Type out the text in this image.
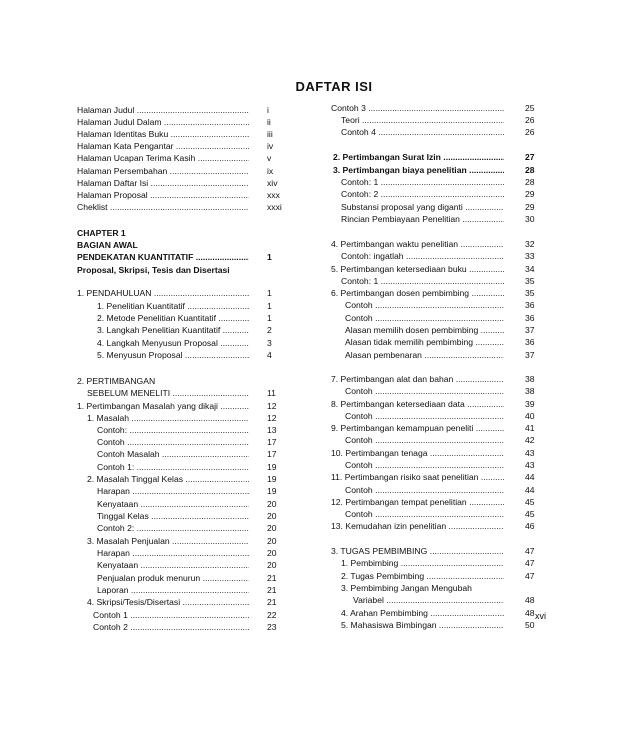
DAFTAR ISI
Halaman Judul .....	i
Halaman Judul Dalam .....	ii
Halaman Identitas Buku .....	iii
Halaman Kata Pengantar .....	iv
Halaman Ucapan Terima Kasih .....	v
Halaman Persembahan .....	ix
Halaman Daftar Isi .....	xiv
Halaman Proposal .....	xxx
Cheklist .....	xxxi
CHAPTER 1
BAGIAN AWAL
PENDEKATAN KUANTITATIF .....	1
Proposal, Skripsi, Tesis dan Disertasi
1. PENDAHULUAN .....	1
1. Penelitian Kuantitatif .....	1
2. Metode Penelitian Kuantitatif .....	1
3. Langkah Penelitian Kuantitatif .....	2
4. Langkah Menyusun Proposal .....	3
5. Menyusun Proposal .....	4
2. PERTIMBANGAN
SEBELUM MENELITI .....	11
1. Pertimbangan Masalah yang dikaji .....	12
1. Masalah .....	12
Contoh: .....	13
Contoh .....	17
Contoh Masalah .....	17
Contoh 1: .....	19
2. Masalah Tinggal Kelas .....	19
Harapan .....	19
Kenyataan .....	20
Tinggal Kelas .....	20
Contoh 2: .....	20
3. Masalah Penjualan .....	20
Harapan .....	20
Kenyataan .....	20
Penjualan produk menurun .....	21
Laporan .....	21
4. Skripsi/Tesis/Disertasi .....	21
Contoh 1 .....	22
Contoh 2 .....	23
Contoh 3 .....	25
Teori .....	26
Contoh 4 .....	26
2. Pertimbangan Surat Izin .....	27
3. Pertimbangan biaya penelitian .....	28
Contoh: 1 .....	28
Contoh: 2 .....	29
Substansi proposal yang diganti .....	29
Rincian Pembiayaan Penelitian .....	30
4. Pertimbangan waktu penelitian .....	32
Contoh: ingatlah .....	33
5. Pertimbangan ketersediaan buku .....	34
Contoh: 1 .....	35
6. Pertimbangan dosen pembimbing .....	35
Contoh .....	36
Contoh .....	36
Alasan memilih dosen pembimbing .....	37
Alasan tidak memilih pembimbing .....	36
Alasan pembenaran .....	37
7. Pertimbangan alat dan bahan .....	38
Contoh .....	38
8. Pertimbangan ketersediaan data .....	39
Contoh .....	40
9. Pertimbangan kemampuan peneliti .....	41
Contoh .....	42
10. Pertimbangan tenaga .....	43
Contoh .....	43
11. Pertimbangan risiko saat penelitian .....	44
Contoh .....	44
12. Pertimbangan tempat penelitian .....	45
Contoh .....	45
13. Kemudahan izin penelitian .....	46
3. TUGAS PEMBIMBING .....	47
1. Pembimbing .....	47
2. Tugas Pembimbing .....	47
3. Pembimbing Jangan Mengubah
Variabel .....	48
4. Arahan Pembimbing .....	48
5. Mahasiswa Bimbingan .....	50
xvi
